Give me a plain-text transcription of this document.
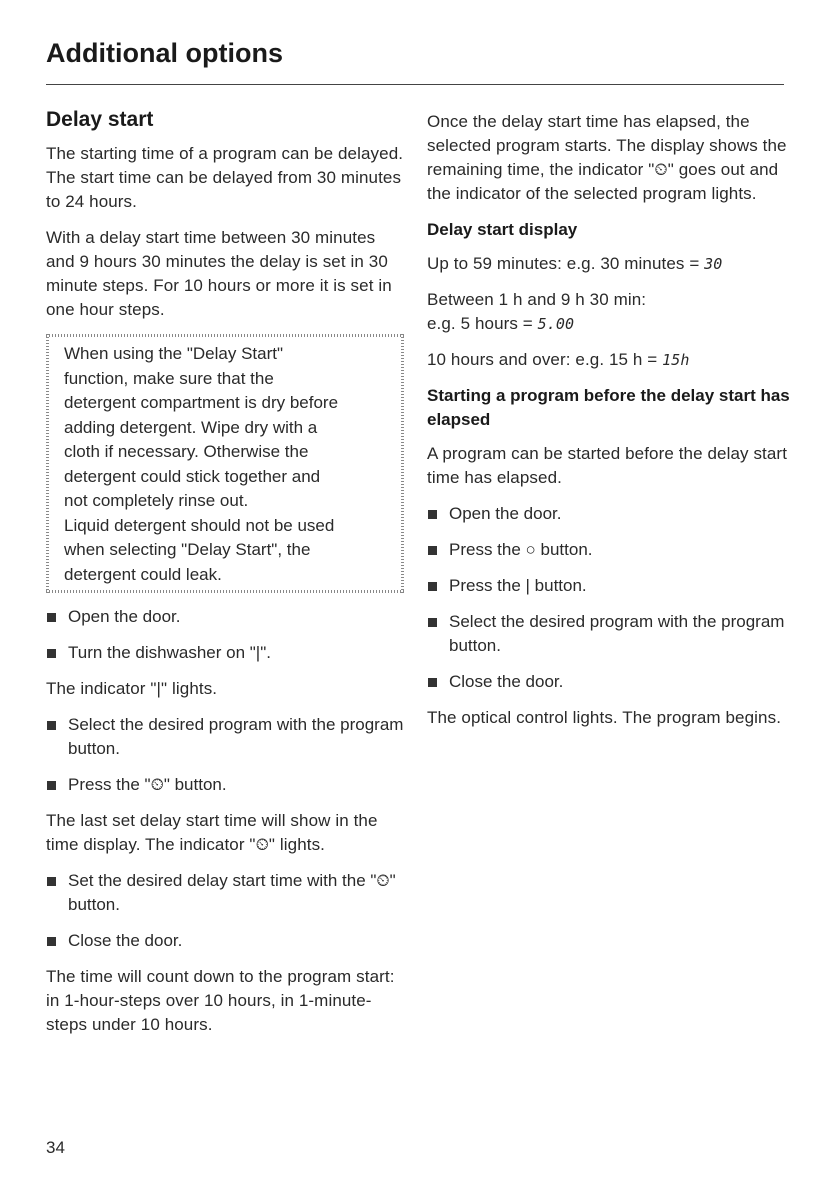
Additional options
Delay start

The starting time of a program can be delayed. The start time can be delayed from 30 minutes to 24 hours.

With a delay start time between 30 minutes and 9 hours 30 minutes the delay is set in 30 minute steps. For 10 hours or more it is set in one hour steps.

When using the "Delay Start"
function, make sure that the
detergent compartment is dry before
adding detergent. Wipe dry with a
cloth if necessary. Otherwise the
detergent could stick together and
not completely rinse out.
Liquid detergent should not be used
when selecting "Delay Start", the
detergent could leak.
Open the door.
Turn the dishwasher on "|".

The indicator "|" lights.

Select the desired program with the program button.
Press the "⏲" button.

The last set delay start time will show in the time display. The indicator "⏲" lights.

Set the desired delay start time with the "⏲" button.
Close the door.

The time will count down to the program start: in 1-hour-steps over 10 hours, in 1-minute-steps under 10 hours.

Once the delay start time has elapsed, the selected program starts. The display shows the remaining time, the indicator "⏲" goes out and the indicator of the selected program lights.

Delay start display

Up to 59 minutes: e.g. 30 minutes = 30

Between 1 h and 9 h 30 min:
e.g. 5 hours = 5.00

10 hours and over: e.g. 15 h = 15h

Starting a program before the delay start has elapsed

A program can be started before the delay start time has elapsed.

Open the door.
Press the ○ button.
Press the | button.
Select the desired program with the program button.
Close the door.

The optical control lights. The program begins.

34
